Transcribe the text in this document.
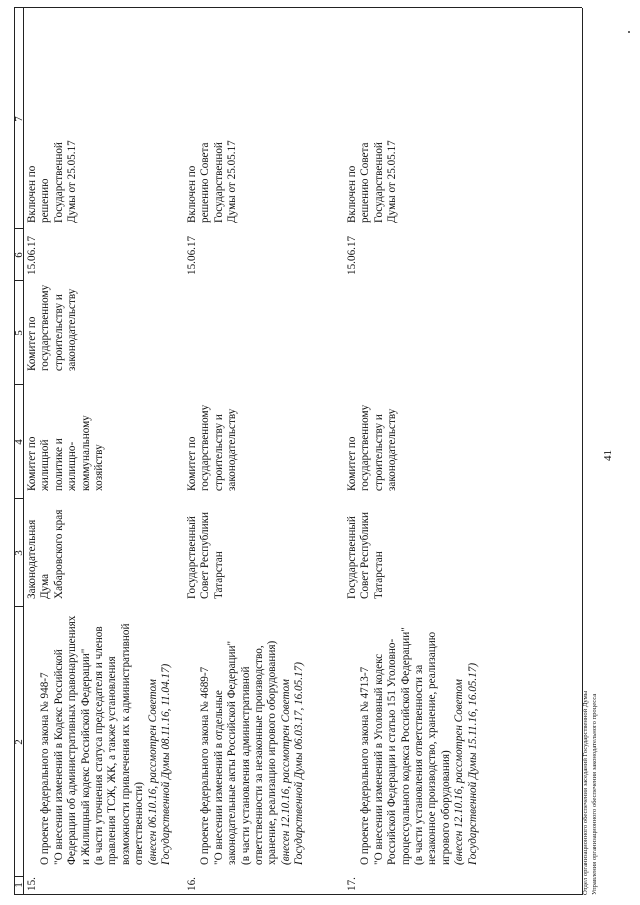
41
1
2
3
4
5
6
7
15.

О проекте федерального закона № 948-7
"О внесении изменений в Кодекс Российской Федерации об административных правонарушениях и Жилищный кодекс Российской Федерации"
(в части уточнения статуса председателя и членов правления ТСЖ, ЖК, а также установления возможности привлечения их к административной ответственности) (внесен 06.10.16, рассмотрен Советом Государственной Думы 08.11.16, 11.04.17)

Законодательная Дума Хабаровского края
Комитет по жилищной политике и жилищно-коммунальному хозяйству
Комитет по государственному строительству и законодательству
15.06.17
Включен по решению Государственной Думы от 25.05.17
16.

О проекте федерального закона № 4689-7
"О внесении изменений в отдельные законодательные акты Российской Федерации"
(в части установления административной ответственности за незаконные производство, хранение, реализацию игрового оборудования)

(внесен 12.10.16, рассмотрен Советом Государственной Думы 06.03.17, 16.05.17)

Государственный Совет Республики Татарстан
Комитет по государственному строительству и законодательству
15.06.17
Включен по решению Совета Государственной Думы от 25.05.17
17.

О проекте федерального закона № 4713-7
"О внесении изменений в Уголовный кодекс Российской Федерации и статью 151 Уголовно-процессуального кодекса Российской Федерации"
(в части установления ответственности за незаконное производство, хранение, реализацию игрового оборудования) (внесен 12.10.16, рассмотрен Советом Государственной Думы 15.11.16, 16.05.17)

Государственный Совет Республики Татарстан
Комитет по государственному строительству и законодательству
15.06.17
Включен по решению Совета Государственной Думы от 25.05.17
Отдел организационного обеспечения заседаний Государственной Думы
Управления организационного обеспечения законодательного процесса
